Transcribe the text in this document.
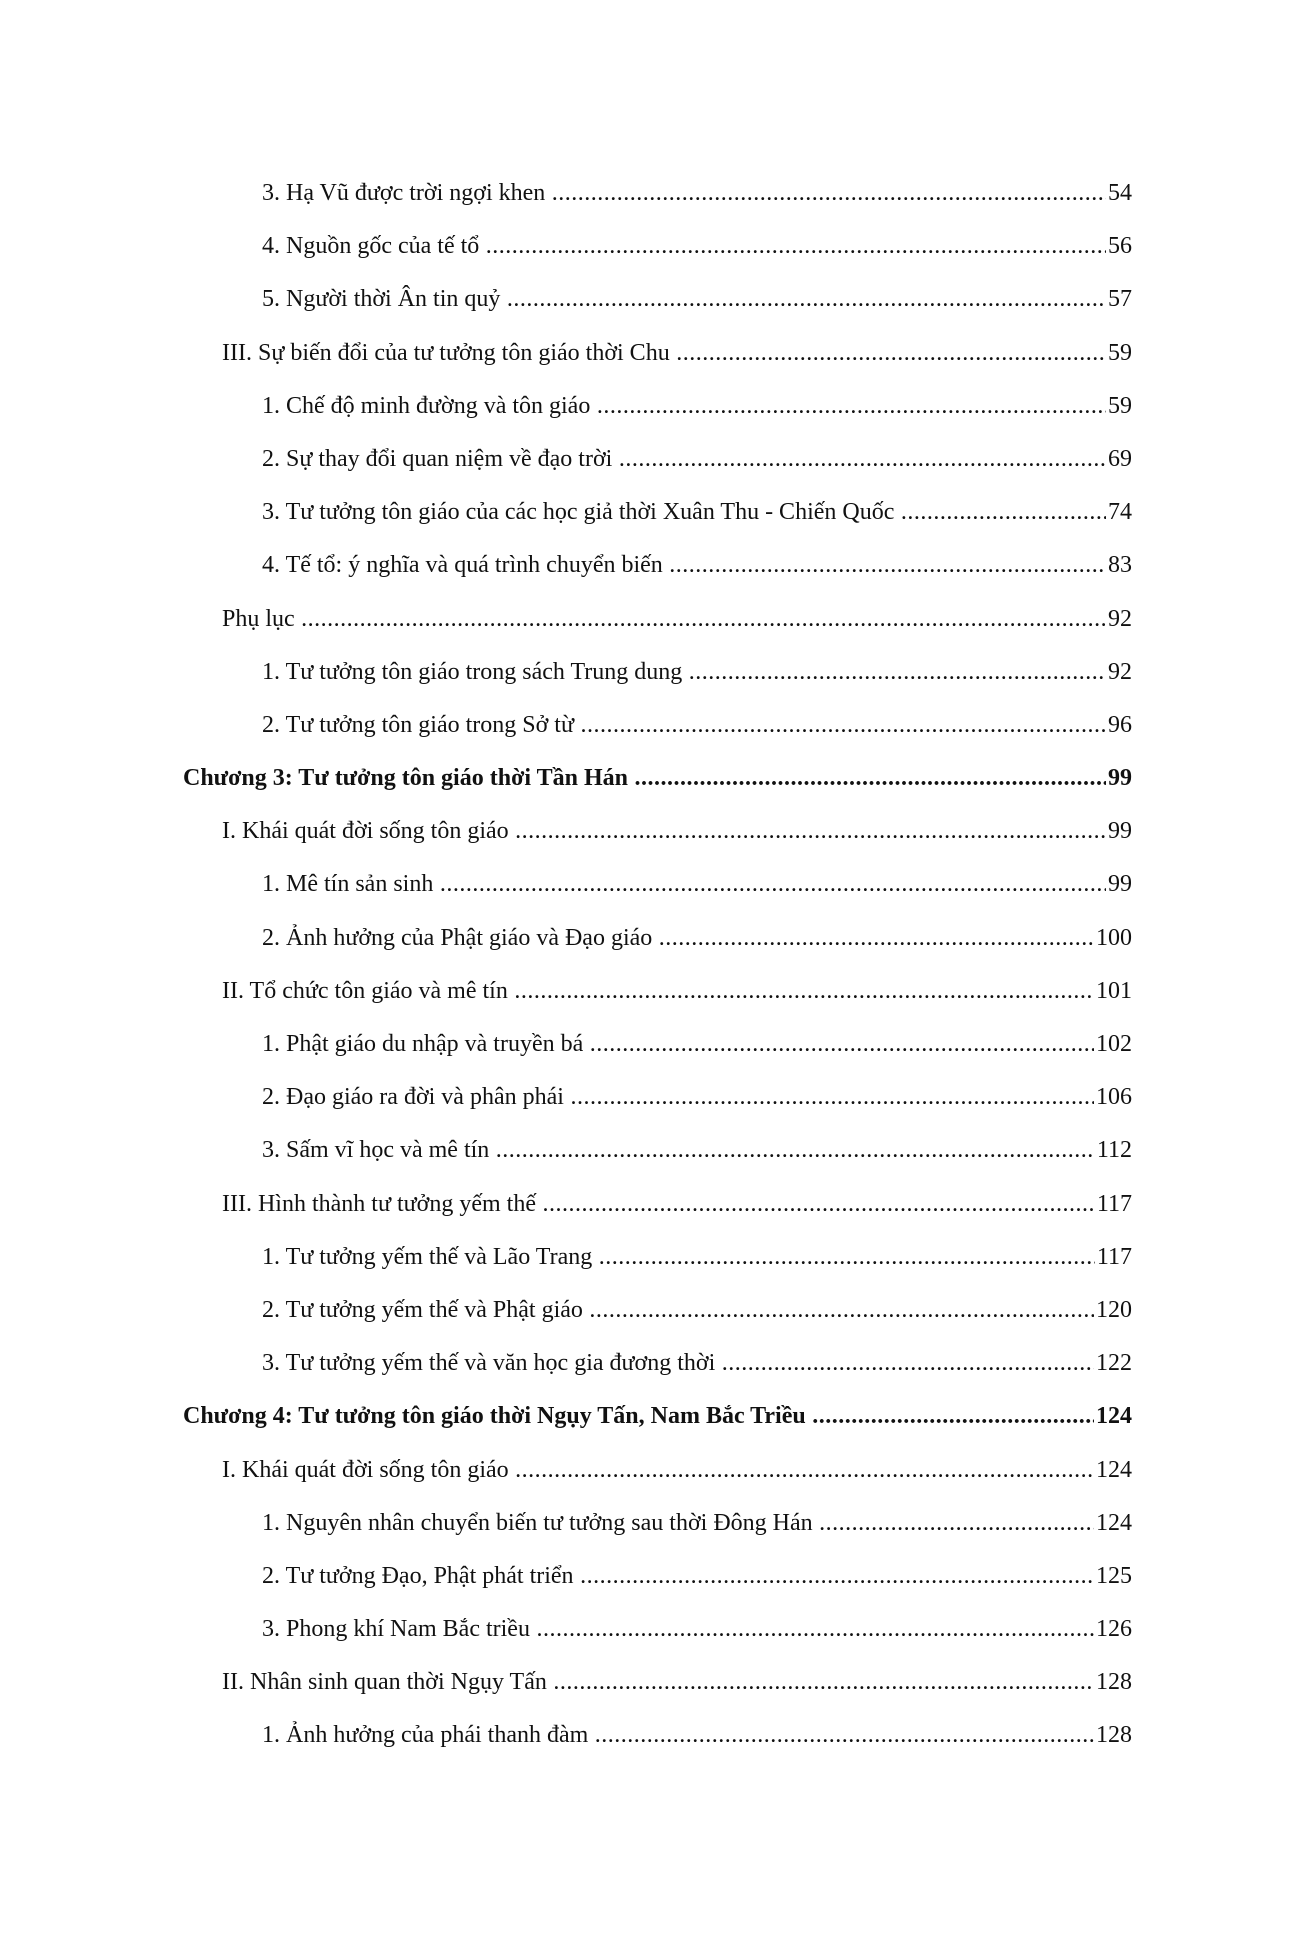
3. Hạ Vũ được trời ngợi khen .....	54
4. Nguồn gốc của tế tổ .....	56
5. Người thời Ân tin quỷ .....	57
III. Sự biến đổi của tư tưởng tôn giáo thời Chu .....	59
1. Chế độ minh đường và tôn giáo .....	59
2. Sự thay đổi quan niệm về đạo trời .....	69
3. Tư tưởng tôn giáo của các học giả thời Xuân Thu - Chiến Quốc .....	74
4. Tế tổ: ý nghĩa và quá trình chuyển biến .....	83
Phụ lục .....	92
1. Tư tưởng tôn giáo trong sách Trung dung .....	92
2. Tư tưởng tôn giáo trong Sở từ .....	96
Chương 3: Tư tưởng tôn giáo thời Tần Hán .....	99
I. Khái quát đời sống tôn giáo .....	99
1. Mê tín sản sinh .....	99
2. Ảnh hưởng của Phật giáo và Đạo giáo .....	100
II. Tổ chức tôn giáo và mê tín .....	101
1. Phật giáo du nhập và truyền bá .....	102
2. Đạo giáo ra đời và phân phái .....	106
3. Sấm vĩ học và mê tín .....	112
III. Hình thành tư tưởng yếm thế .....	117
1. Tư tưởng yếm thế và Lão Trang .....	117
2. Tư tưởng yếm thế và Phật giáo .....	120
3. Tư tưởng yếm thế và văn học gia đương thời .....	122
Chương 4: Tư tưởng tôn giáo thời Ngụy Tấn, Nam Bắc Triều .....	124
I. Khái quát đời sống tôn giáo .....	124
1. Nguyên nhân chuyển biến tư tưởng sau thời Đông Hán .....	124
2. Tư tưởng Đạo, Phật phát triển .....	125
3. Phong khí Nam Bắc triều .....	126
II. Nhân sinh quan thời Ngụy Tấn .....	128
1. Ảnh hưởng của phái thanh đàm .....	128
